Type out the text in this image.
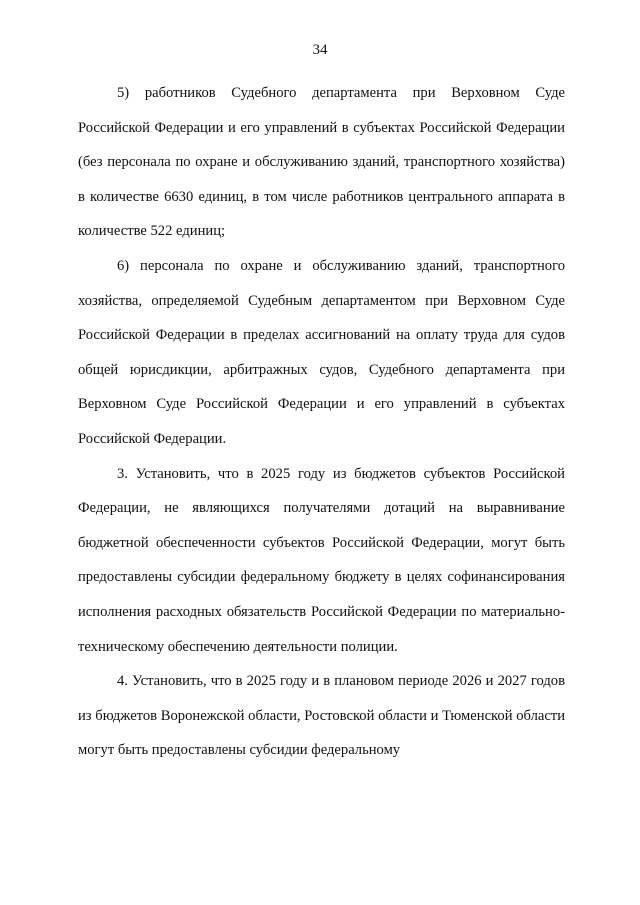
34

5) работников Судебного департамента при Верховном Суде Российской Федерации и его управлений в субъектах Российской Федерации (без персонала по охране и обслуживанию зданий, транспортного хозяйства) в количестве 6630 единиц, в том числе работников центрального аппарата в количестве 522 единиц;

6) персонала по охране и обслуживанию зданий, транспортного хозяйства, определяемой Судебным департаментом при Верховном Суде Российской Федерации в пределах ассигнований на оплату труда для судов общей юрисдикции, арбитражных судов, Судебного департамента при Верховном Суде Российской Федерации и его управлений в субъектах Российской Федерации.

3. Установить, что в 2025 году из бюджетов субъектов Российской Федерации, не являющихся получателями дотаций на выравнивание бюджетной обеспеченности субъектов Российской Федерации, могут быть предоставлены субсидии федеральному бюджету в целях софинансирования исполнения расходных обязательств Российской Федерации по материально-техническому обеспечению деятельности полиции.

4. Установить, что в 2025 году и в плановом периоде 2026 и 2027 годов из бюджетов Воронежской области, Ростовской области и Тюменской области могут быть предоставлены субсидии федеральному
